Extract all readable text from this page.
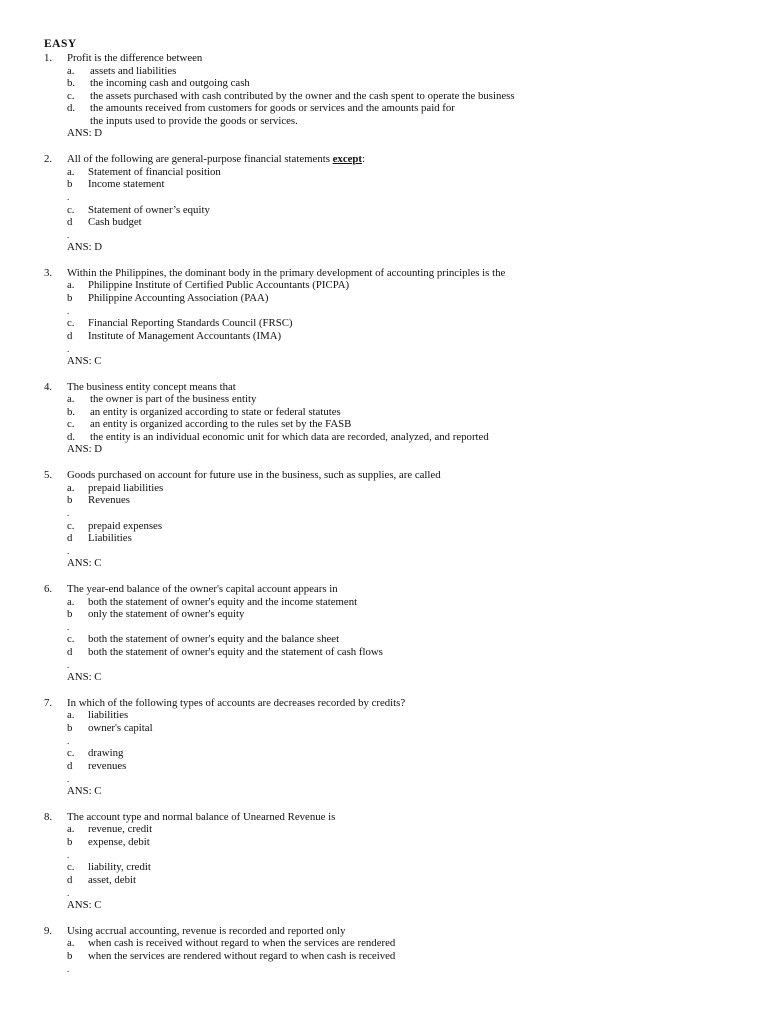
EASY
1. Profit is the difference between
a. assets and liabilities
b. the incoming cash and outgoing cash
c. the assets purchased with cash contributed by the owner and the cash spent to operate the business
d. the amounts received from customers for goods or services and the amounts paid for
the inputs used to provide the goods or services.
ANS: D
2. All of the following are general-purpose financial statements except:
a. Statement of financial position
b Income statement
.
c. Statement of owner’s equity
d Cash budget
.
ANS: D
3. Within the Philippines, the dominant body in the primary development of accounting principles is the
a. Philippine Institute of Certified Public Accountants (PICPA)
b Philippine Accounting Association (PAA)
.
c. Financial Reporting Standards Council (FRSC)
d Institute of Management Accountants (IMA)
.
ANS: C
4. The business entity concept means that
a. the owner is part of the business entity
b. an entity is organized according to state or federal statutes
c. an entity is organized according to the rules set by the FASB
d. the entity is an individual economic unit for which data are recorded, analyzed, and reported
ANS: D
5. Goods purchased on account for future use in the business, such as supplies, are called
a. prepaid liabilities
b Revenues
.
c. prepaid expenses
d Liabilities
.
ANS: C
6. The year-end balance of the owner's capital account appears in
a. both the statement of owner's equity and the income statement
b only the statement of owner's equity
.
c. both the statement of owner's equity and the balance sheet
d both the statement of owner's equity and the statement of cash flows
.
ANS: C
7. In which of the following types of accounts are decreases recorded by credits?
a. liabilities
b owner's capital
.
c. drawing
d revenues
.
ANS: C
8. The account type and normal balance of Unearned Revenue is
a. revenue, credit
b expense, debit
.
c. liability, credit
d asset, debit
.
ANS: C
9. Using accrual accounting, revenue is recorded and reported only
a. when cash is received without regard to when the services are rendered
b when the services are rendered without regard to when cash is received
.
